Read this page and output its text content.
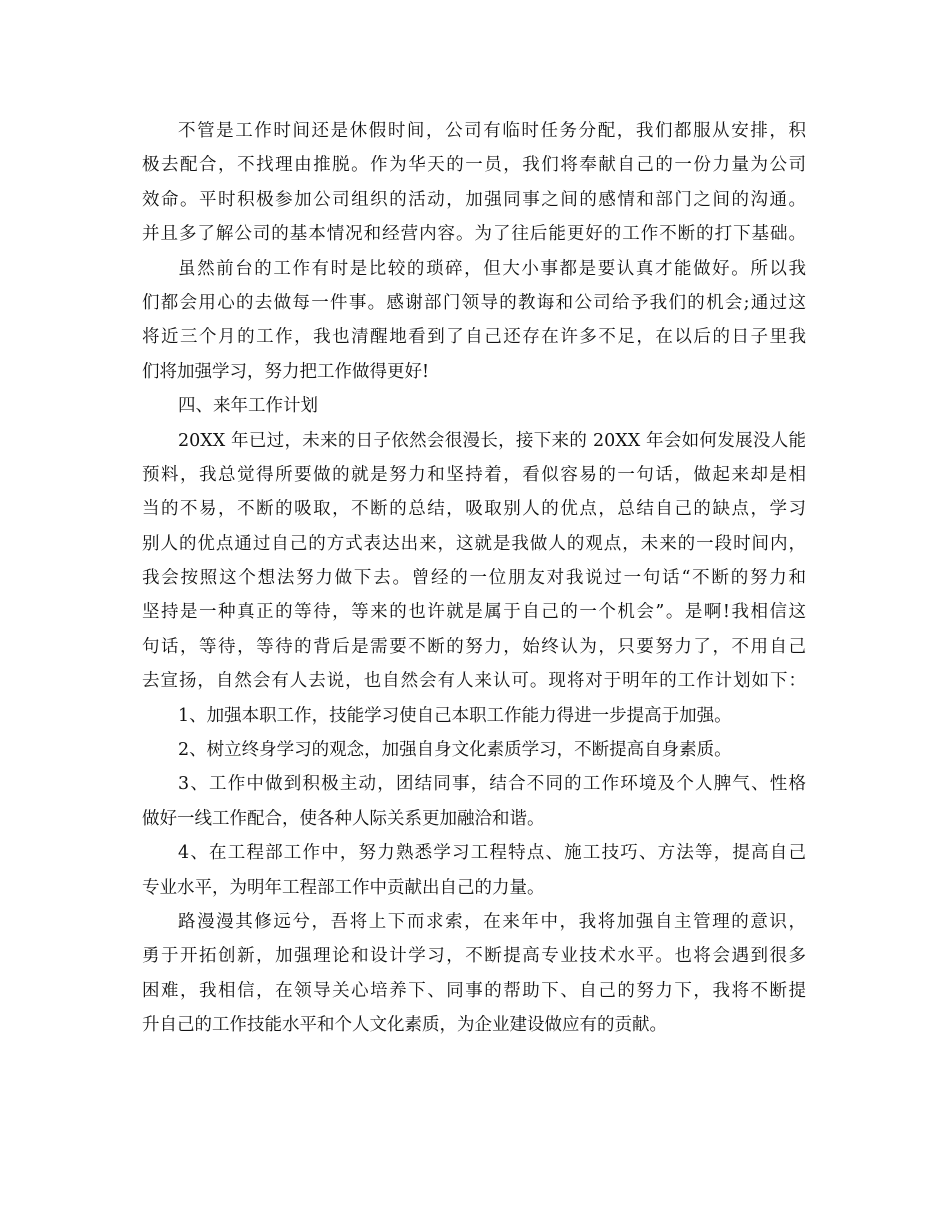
不管是工作时间还是休假时间，公司有临时任务分配，我们都服从安排，积
极去配合，不找理由推脱。作为华天的一员，我们将奉献自己的一份力量为公司
效命。平时积极参加公司组织的活动，加强同事之间的感情和部门之间的沟通。
并且多了解公司的基本情况和经营内容。为了往后能更好的工作不断的打下基础。
虽然前台的工作有时是比较的琐碎，但大小事都是要认真才能做好。所以我
们都会用心的去做每一件事。感谢部门领导的教诲和公司给予我们的机会;通过这
将近三个月的工作，我也清醒地看到了自己还存在许多不足，在以后的日子里我
们将加强学习，努力把工作做得更好!
四、来年工作计划
20XX 年已过，未来的日子依然会很漫长，接下来的 20XX 年会如何发展没人能
预料，我总觉得所要做的就是努力和坚持着，看似容易的一句话，做起来却是相
当的不易，不断的吸取，不断的总结，吸取别人的优点，总结自己的缺点，学习
别人的优点通过自己的方式表达出来，这就是我做人的观点，未来的一段时间内，
我会按照这个想法努力做下去。曾经的一位朋友对我说过一句话“不断的努力和
坚持是一种真正的等待，等来的也许就是属于自己的一个机会”。是啊!我相信这
句话，等待，等待的背后是需要不断的努力，始终认为，只要努力了，不用自己
去宣扬，自然会有人去说，也自然会有人来认可。现将对于明年的工作计划如下：
1、加强本职工作，技能学习使自己本职工作能力得进一步提高于加强。
2、树立终身学习的观念，加强自身文化素质学习，不断提高自身素质。
3、工作中做到积极主动，团结同事，结合不同的工作环境及个人脾气、性格
做好一线工作配合，使各种人际关系更加融洽和谐。
4、在工程部工作中，努力熟悉学习工程特点、施工技巧、方法等，提高自己
专业水平，为明年工程部工作中贡献出自己的力量。
路漫漫其修远兮，吾将上下而求索，在来年中，我将加强自主管理的意识，
勇于开拓创新，加强理论和设计学习，不断提高专业技术水平。也将会遇到很多
困难，我相信，在领导关心培养下、同事的帮助下、自己的努力下，我将不断提
升自己的工作技能水平和个人文化素质，为企业建设做应有的贡献。
